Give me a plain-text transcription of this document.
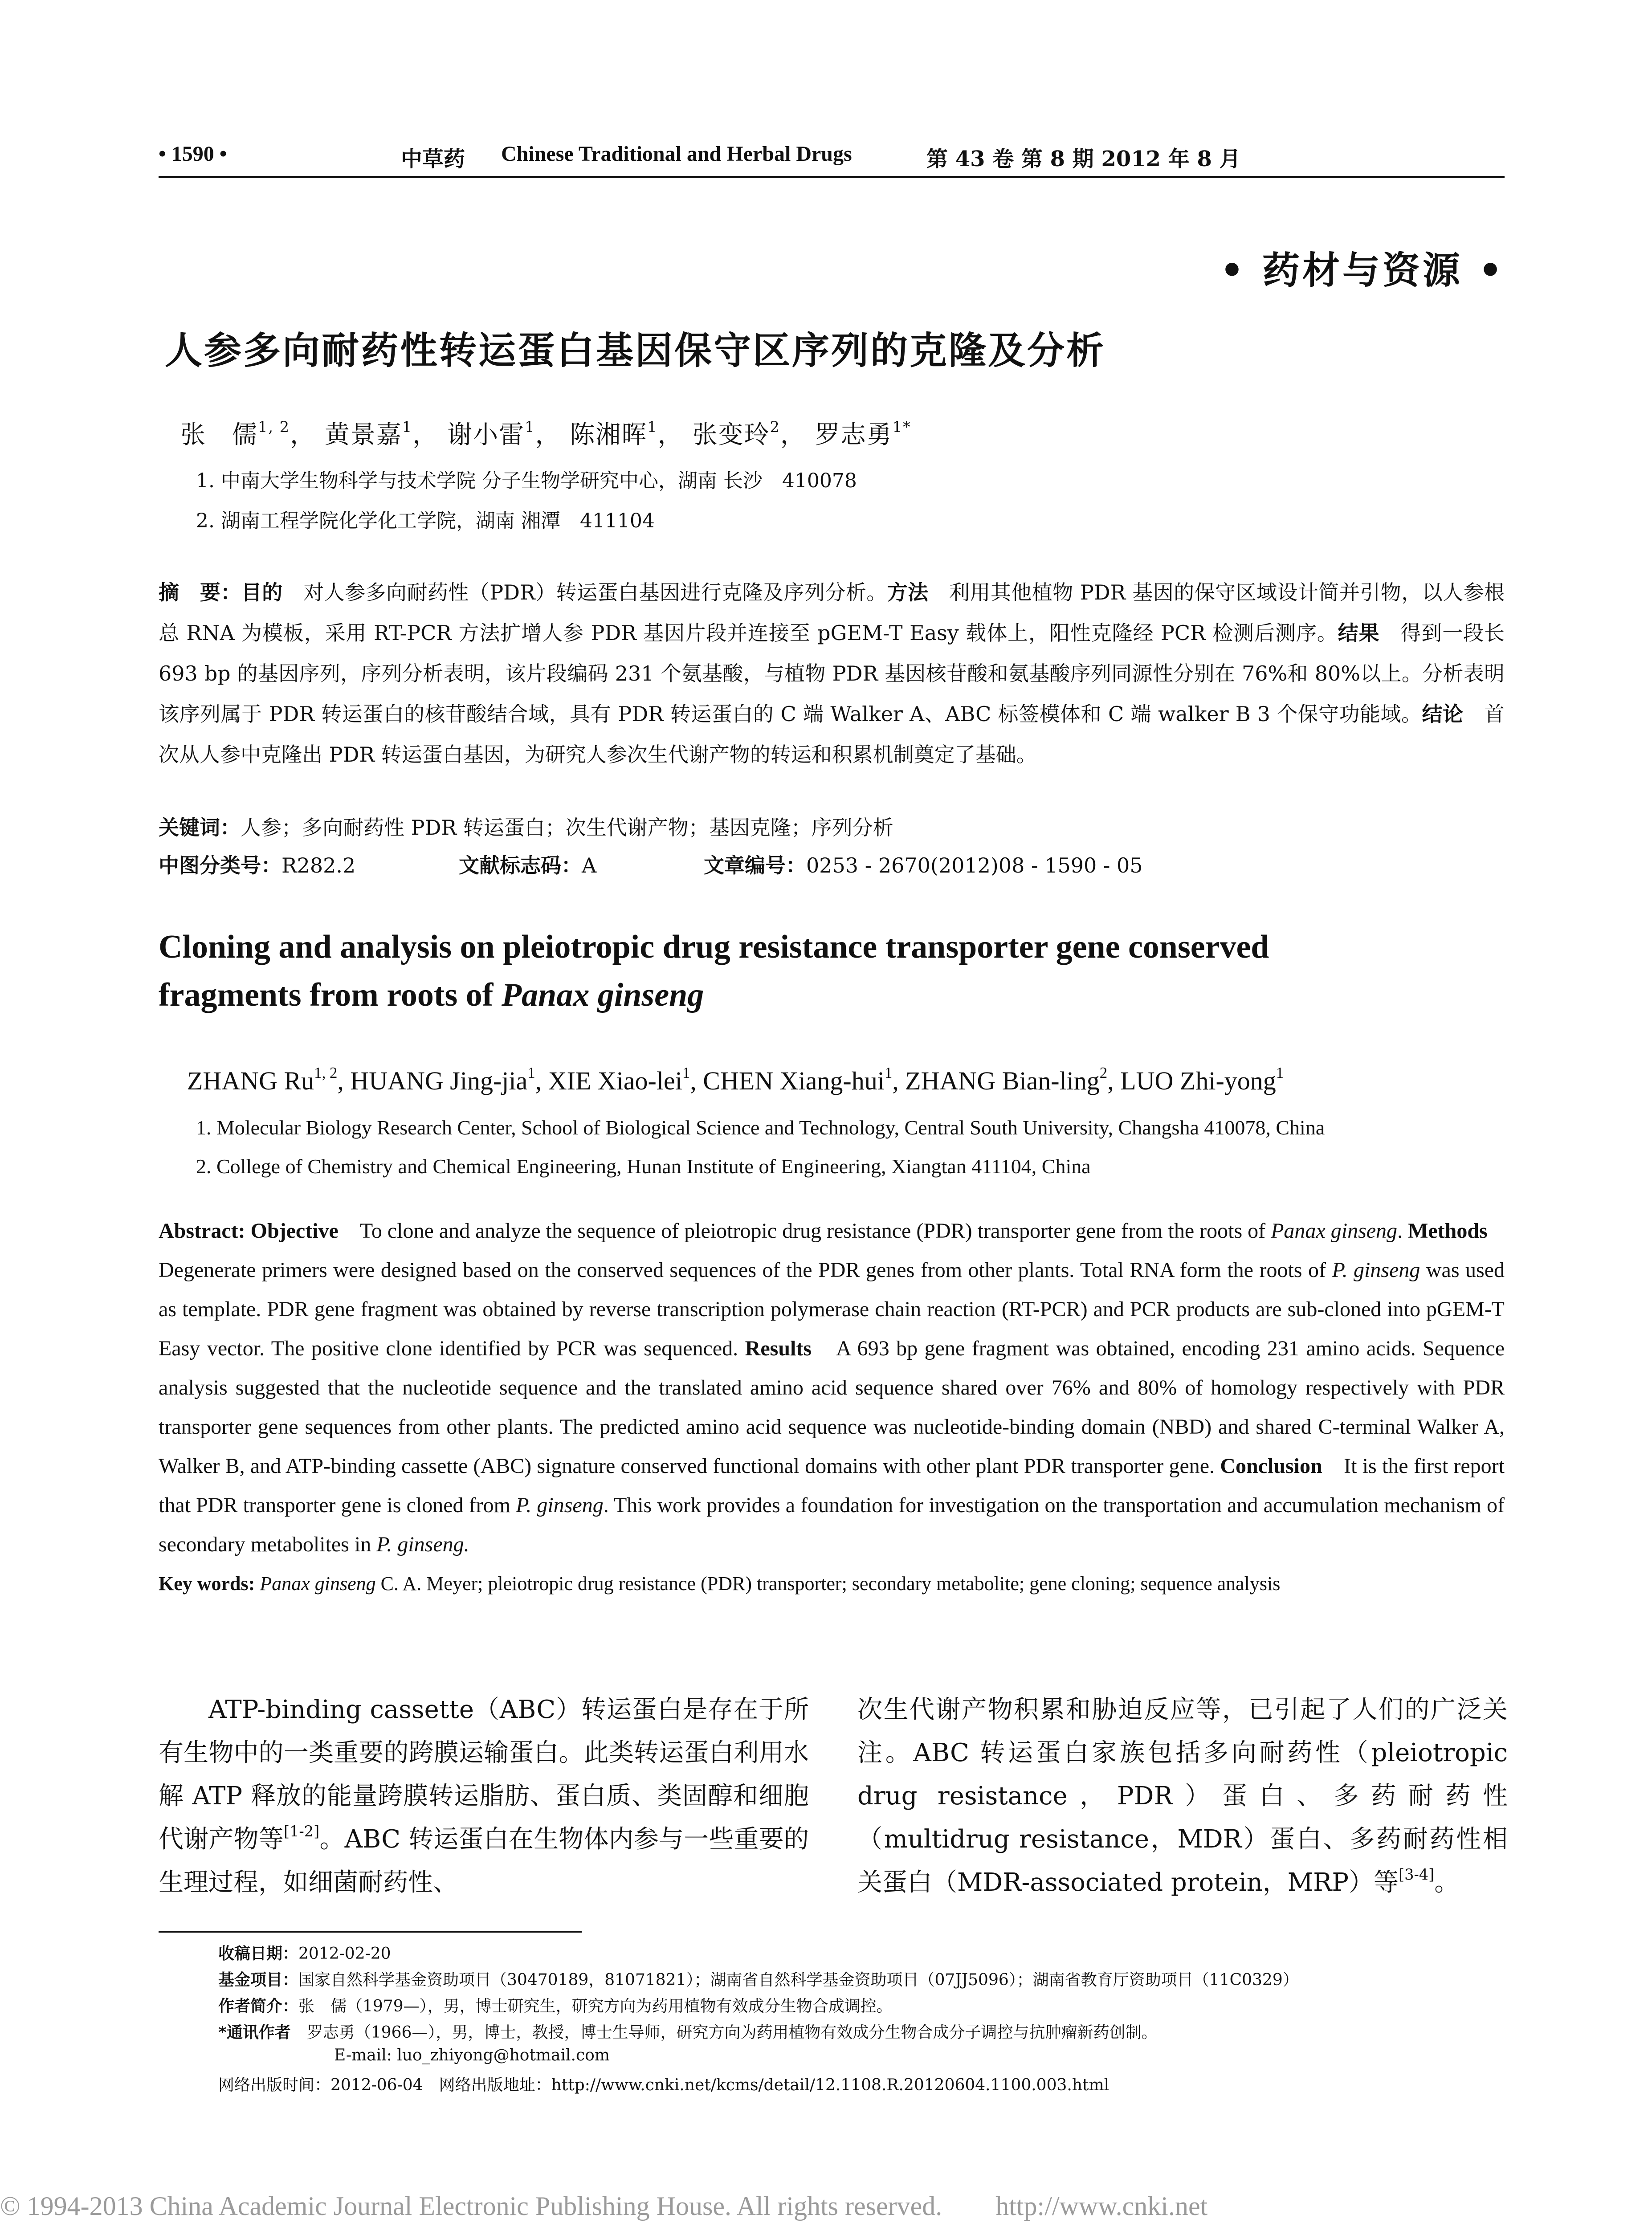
• 1590 •	中草药 Chinese Traditional and Herbal Drugs	第 43 卷 第 8 期 2012 年 8 月
• 药材与资源 •
人参多向耐药性转运蛋白基因保守区序列的克隆及分析
张　儒$^{1, 2}$， 黄景嘉$^1$， 谢小雷$^1$， 陈湘晖$^1$， 张变玲$^2$， 罗志勇$^{1*}$
1. 中南大学生物科学与技术学院 分子生物学研究中心，湖南 长沙　410078
2. 湖南工程学院化学化工学院，湖南 湘潭　411104
摘　要：目的　对人参多向耐药性（PDR）转运蛋白基因进行克隆及序列分析。方法　利用其他植物 PDR 基因的保守区域设计简并引物，以人参根总 RNA 为模板，采用 RT-PCR 方法扩增人参 PDR 基因片段并连接至 pGEM-T Easy 载体上，阳性克隆经 PCR 检测后测序。结果　得到一段长 693 bp 的基因序列，序列分析表明，该片段编码 231 个氨基酸，与植物 PDR 基因核苷酸和氨基酸序列同源性分别在 76%和 80%以上。分析表明该序列属于 PDR 转运蛋白的核苷酸结合域，具有 PDR 转运蛋白的 C 端 Walker A、ABC 标签模体和 C 端 walker B 3 个保守功能域。结论　首次从人参中克隆出 PDR 转运蛋白基因，为研究人参次生代谢产物的转运和积累机制奠定了基础。
关键词：人参；多向耐药性 PDR 转运蛋白；次生代谢产物；基因克隆；序列分析
中图分类号：R282.2	文献标志码：A	文章编号：0253 - 2670(2012)08 - 1590 - 05
Cloning and analysis on pleiotropic drug resistance transporter gene conserved
fragments from roots of Panax ginseng
ZHANG Ru$^{1, 2}$, HUANG Jing-jia$^1$, XIE Xiao-lei$^1$, CHEN Xiang-hui$^1$, ZHANG Bian-ling$^2$, LUO Zhi-yong$^1$
1. Molecular Biology Research Center, School of Biological Science and Technology, Central South University, Changsha 410078, China
2. College of Chemistry and Chemical Engineering, Hunan Institute of Engineering, Xiangtan 411104, China
Abstract: Objective　To clone and analyze the sequence of pleiotropic drug resistance (PDR) transporter gene from the roots of Panax ginseng. Methods　Degenerate primers were designed based on the conserved sequences of the PDR genes from other plants. Total RNA form the roots of P. ginseng was used as template. PDR gene fragment was obtained by reverse transcription polymerase chain reaction (RT-PCR) and PCR products are sub-cloned into pGEM-T Easy vector. The positive clone identified by PCR was sequenced. Results　A 693 bp gene fragment was obtained, encoding 231 amino acids. Sequence analysis suggested that the nucleotide sequence and the translated amino acid sequence shared over 76% and 80% of homology respectively with PDR transporter gene sequences from other plants. The predicted amino acid sequence was nucleotide-binding domain (NBD) and shared C-terminal Walker A, Walker B, and ATP-binding cassette (ABC) signature conserved functional domains with other plant PDR transporter gene. Conclusion　It is the first report that PDR transporter gene is cloned from P. ginseng. This work provides a foundation for investigation on the transportation and accumulation mechanism of secondary metabolites in P. ginseng.
Key words: Panax ginseng C. A. Meyer; pleiotropic drug resistance (PDR) transporter; secondary metabolite; gene cloning; sequence analysis
ATP-binding cassette（ABC）转运蛋白是存在于所有生物中的一类重要的跨膜运输蛋白。此类转运蛋白利用水解 ATP 释放的能量跨膜转运脂肪、蛋白质、类固醇和细胞代谢产物等[1-2]。ABC 转运蛋白在生物体内参与一些重要的生理过程，如细菌耐药性、
次生代谢产物积累和胁迫反应等，已引起了人们的广泛关注。ABC 转运蛋白家族包括多向耐药性（pleiotropic drug resistance，PDR）蛋白、多药耐药性（multidrug resistance，MDR）蛋白、多药耐药性相关蛋白（MDR-associated protein，MRP）等[3-4]。
收稿日期：2012-02-20
基金项目：国家自然科学基金资助项目（30470189，81071821）；湖南省自然科学基金资助项目（07JJ5096）；湖南省教育厅资助项目（11C0329）
作者简介：张　儒（1979—），男，博士研究生，研究方向为药用植物有效成分生物合成调控。
*通讯作者　罗志勇（1966—），男，博士，教授，博士生导师，研究方向为药用植物有效成分生物合成分子调控与抗肿瘤新药创制。
E-mail: luo_zhiyong@hotmail.com
网络出版时间：2012-06-04　网络出版地址：http://www.cnki.net/kcms/detail/12.1108.R.20120604.1100.003.html
© 1994-2013 China Academic Journal Electronic Publishing House. All rights reserved.　　http://www.cnki.net
